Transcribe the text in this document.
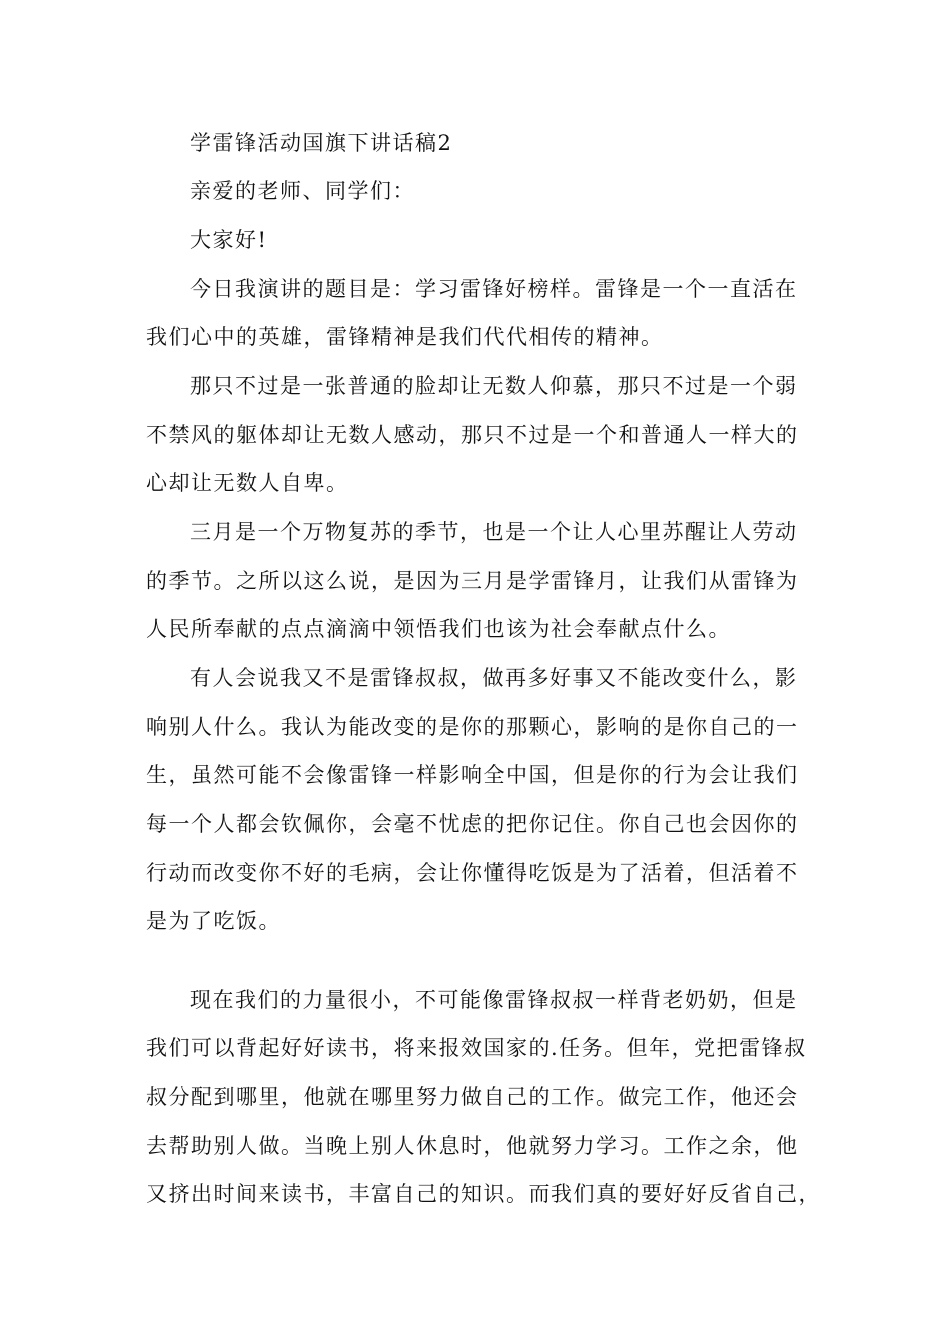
学雷锋活动国旗下讲话稿2
亲爱的老师、同学们：
大家好!
今日我演讲的题目是：学习雷锋好榜样。雷锋是一个一直活在
我们心中的英雄，雷锋精神是我们代代相传的精神。
那只不过是一张普通的脸却让无数人仰慕，那只不过是一个弱
不禁风的躯体却让无数人感动，那只不过是一个和普通人一样大的
心却让无数人自卑。
三月是一个万物复苏的季节，也是一个让人心里苏醒让人劳动
的季节。之所以这么说，是因为三月是学雷锋月，让我们从雷锋为
人民所奉献的点点滴滴中领悟我们也该为社会奉献点什么。
有人会说我又不是雷锋叔叔，做再多好事又不能改变什么，影
响别人什么。我认为能改变的是你的那颗心，影响的是你自己的一
生，虽然可能不会像雷锋一样影响全中国，但是你的行为会让我们
每一个人都会钦佩你，会毫不忧虑的把你记住。你自己也会因你的
行动而改变你不好的毛病，会让你懂得吃饭是为了活着，但活着不
是为了吃饭。
现在我们的力量很小，不可能像雷锋叔叔一样背老奶奶，但是
我们可以背起好好读书，将来报效国家的.任务。但年，党把雷锋叔
叔分配到哪里，他就在哪里努力做自己的工作。做完工作，他还会
去帮助别人做。当晚上别人休息时，他就努力学习。工作之余，他
又挤出时间来读书，丰富自己的知识。而我们真的要好好反省自己，
